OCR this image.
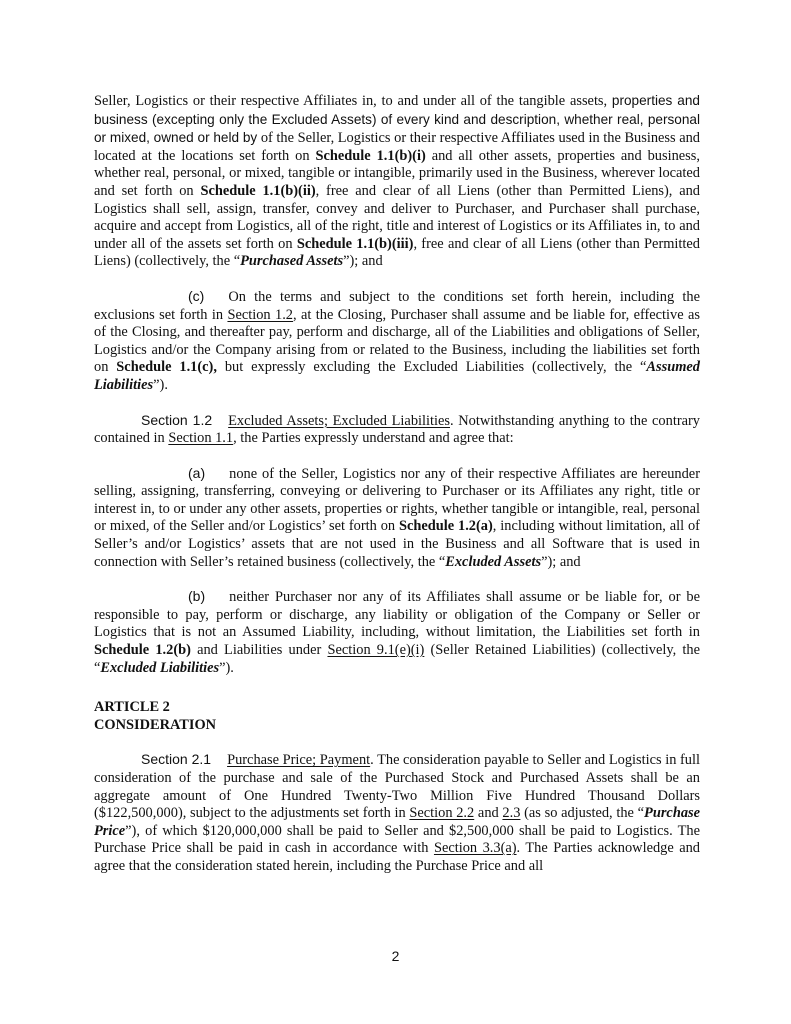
Seller, Logistics or their respective Affiliates in, to and under all of the tangible assets, properties and business (excepting only the Excluded Assets) of every kind and description, whether real, personal or mixed, owned or held by of the Seller, Logistics or their respective Affiliates used in the Business and located at the locations set forth on Schedule 1.1(b)(i) and all other assets, properties and business, whether real, personal, or mixed, tangible or intangible, primarily used in the Business, wherever located and set forth on Schedule 1.1(b)(ii), free and clear of all Liens (other than Permitted Liens), and Logistics shall sell, assign, transfer, convey and deliver to Purchaser, and Purchaser shall purchase, acquire and accept from Logistics, all of the right, title and interest of Logistics or its Affiliates in, to and under all of the assets set forth on Schedule 1.1(b)(iii), free and clear of all Liens (other than Permitted Liens) (collectively, the “Purchased Assets”); and

(c) On the terms and subject to the conditions set forth herein, including the exclusions set forth in Section 1.2, at the Closing, Purchaser shall assume and be liable for, effective as of the Closing, and thereafter pay, perform and discharge, all of the Liabilities and obligations of Seller, Logistics and/or the Company arising from or related to the Business, including the liabilities set forth on Schedule 1.1(c), but expressly excluding the Excluded Liabilities (collectively, the “Assumed Liabilities”).

Section 1.2 Excluded Assets; Excluded Liabilities. Notwithstanding anything to the contrary contained in Section 1.1, the Parties expressly understand and agree that:

(a) none of the Seller, Logistics nor any of their respective Affiliates are hereunder selling, assigning, transferring, conveying or delivering to Purchaser or its Affiliates any right, title or interest in, to or under any other assets, properties or rights, whether tangible or intangible, real, personal or mixed, of the Seller and/or Logistics’ set forth on Schedule 1.2(a), including without limitation, all of Seller’s and/or Logistics’ assets that are not used in the Business and all Software that is used in connection with Seller’s retained business (collectively, the “Excluded Assets”); and

(b) neither Purchaser nor any of its Affiliates shall assume or be liable for, or be responsible to pay, perform or discharge, any liability or obligation of the Company or Seller or Logistics that is not an Assumed Liability, including, without limitation, the Liabilities set forth in Schedule 1.2(b) and Liabilities under Section 9.1(e)(i) (Seller Retained Liabilities) (collectively, the “Excluded Liabilities”).

ARTICLE 2

CONSIDERATION

Section 2.1 Purchase Price; Payment. The consideration payable to Seller and Logistics in full consideration of the purchase and sale of the Purchased Stock and Purchased Assets shall be an aggregate amount of One Hundred Twenty-Two Million Five Hundred Thousand Dollars ($122,500,000), subject to the adjustments set forth in Section 2.2 and 2.3 (as so adjusted, the “Purchase Price”), of which $120,000,000 shall be paid to Seller and $2,500,000 shall be paid to Logistics. The Purchase Price shall be paid in cash in accordance with Section 3.3(a). The Parties acknowledge and agree that the consideration stated herein, including the Purchase Price and all

2
